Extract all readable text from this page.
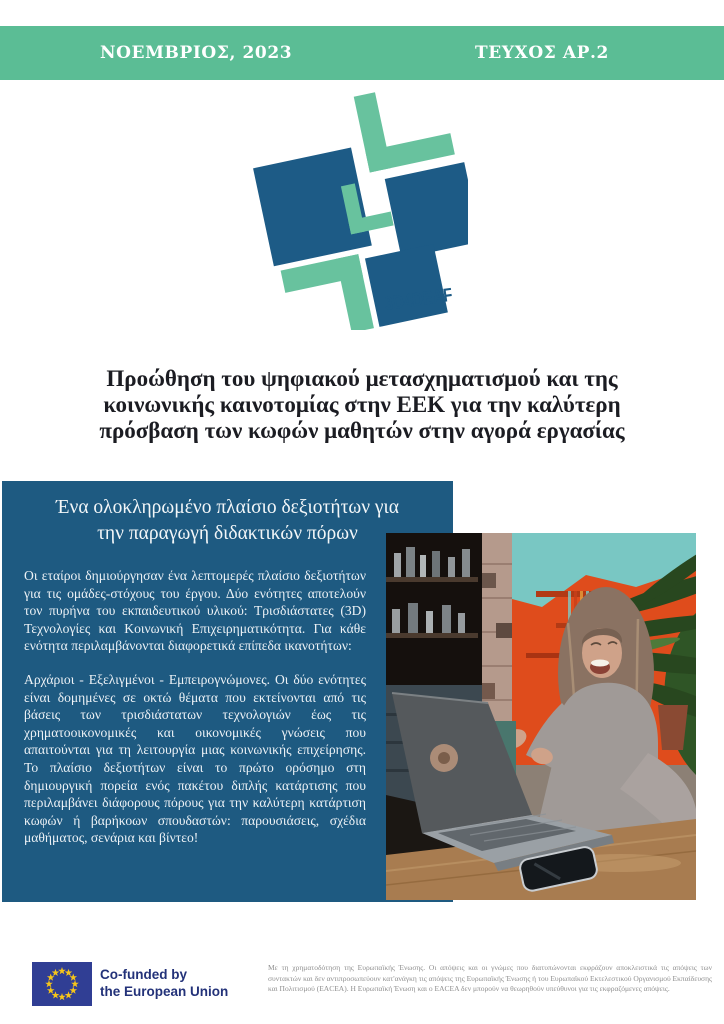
ΝΟΕΜΒΡΙΟΣ, 2023	ΤΕΥΧΟΣ ΑΡ.2
3D4DEAF
Προώθηση του ψηφιακού μετασχηματισμού και της κοινωνικής καινοτομίας στην ΕΕΚ για την καλύτερη πρόσβαση των κωφών μαθητών στην αγορά εργασίας
Ένα ολοκληρωμένο πλαίσιο δεξιοτήτων για την παραγωγή διδακτικών πόρων

Οι εταίροι δημιούργησαν ένα λεπτομερές πλαίσιο δεξιοτήτων για τις ομάδες-στόχους του έργου. Δύο ενότητες αποτελούν τον πυρήνα του εκπαιδευτικού υλικού: Τρισδιάστατες (3D) Τεχνολογίες και Κοινωνική Επιχειρηματικότητα. Για κάθε ενότητα περιλαμβάνονται διαφορετικά επίπεδα ικανοτήτων:

Αρχάριοι - Εξελιγμένοι - Εμπειρογνώμονες. Οι δύο ενότητες είναι δομημένες σε οκτώ θέματα που εκτείνονται από τις βάσεις των τρισδιάστατων τεχνολογιών έως τις χρηματοοικονομικές και οικονομικές γνώσεις που απαιτούνται για τη λειτουργία μιας κοινωνικής επιχείρησης. Το πλαίσιο δεξιοτήτων είναι το πρώτο ορόσημο στη δημιουργική πορεία ενός πακέτου διπλής κατάρτισης που περιλαμβάνει διάφορους πόρους για την καλύτερη κατάρτιση κωφών ή βαρήκοων σπουδαστών: παρουσιάσεις, σχέδια μαθήματος, σενάρια και βίντεο!

Co-funded by
the European Union
Με τη χρηματοδότηση της Ευρωπαϊκής Ένωσης. Οι απόψεις και οι γνώμες που διατυπώνονται εκφράζουν αποκλειστικά τις απόψεις των συντακτών και δεν αντιπροσωπεύουν κατ'ανάγκη τις απόψεις της Ευρωπαϊκής Ένωσης ή του Ευρωπαϊκού Εκτελεστικού Οργανισμού Εκπαίδευσης και Πολιτισμού (EACEA). Η Ευρωπαϊκή Ένωση και ο EACEA δεν μπορούν να θεωρηθούν υπεύθυνοι για τις εκφραζόμενες απόψεις.
